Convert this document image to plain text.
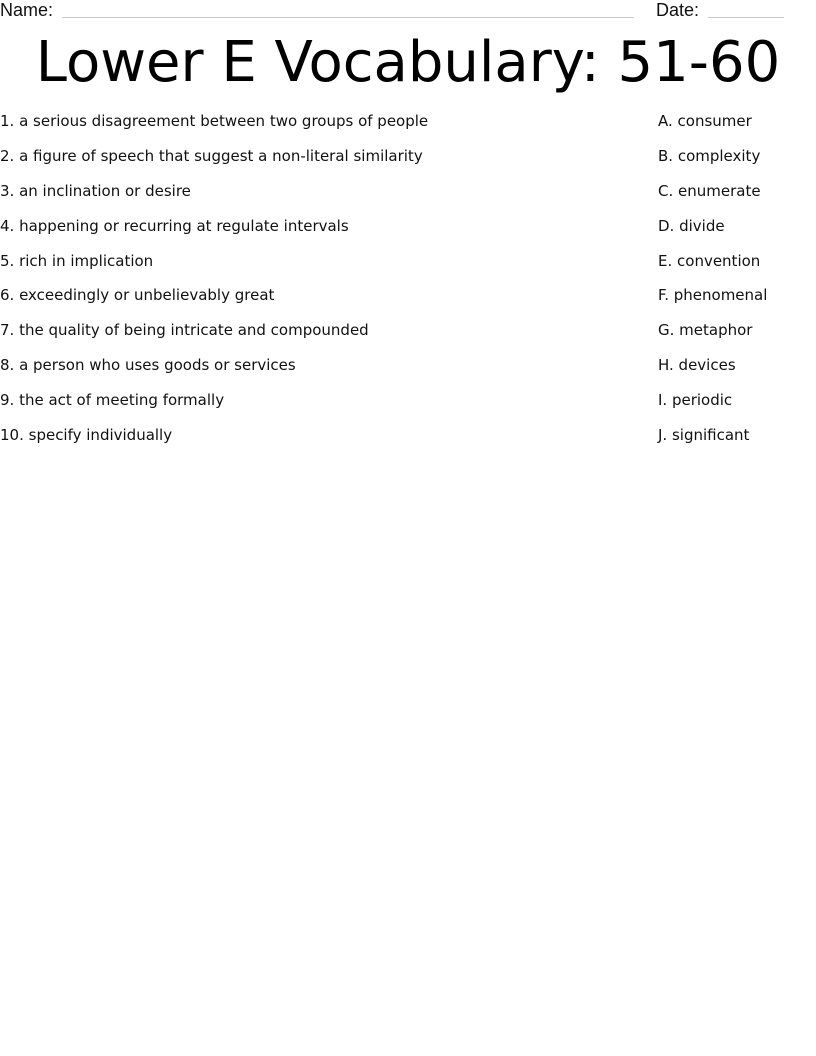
Name:	Date:
Lower E Vocabulary: 51-60
1. a serious disagreement between two groups of people
2. a figure of speech that suggest a non-literal similarity
3. an inclination or desire
4. happening or recurring at regulate intervals
5. rich in implication
6. exceedingly or unbelievably great
7. the quality of being intricate and compounded
8. a person who uses goods or services
9. the act of meeting formally
10. specify individually
A. consumer
B. complexity
C. enumerate
D. divide
E. convention
F. phenomenal
G. metaphor
H. devices
I. periodic
J. significant
